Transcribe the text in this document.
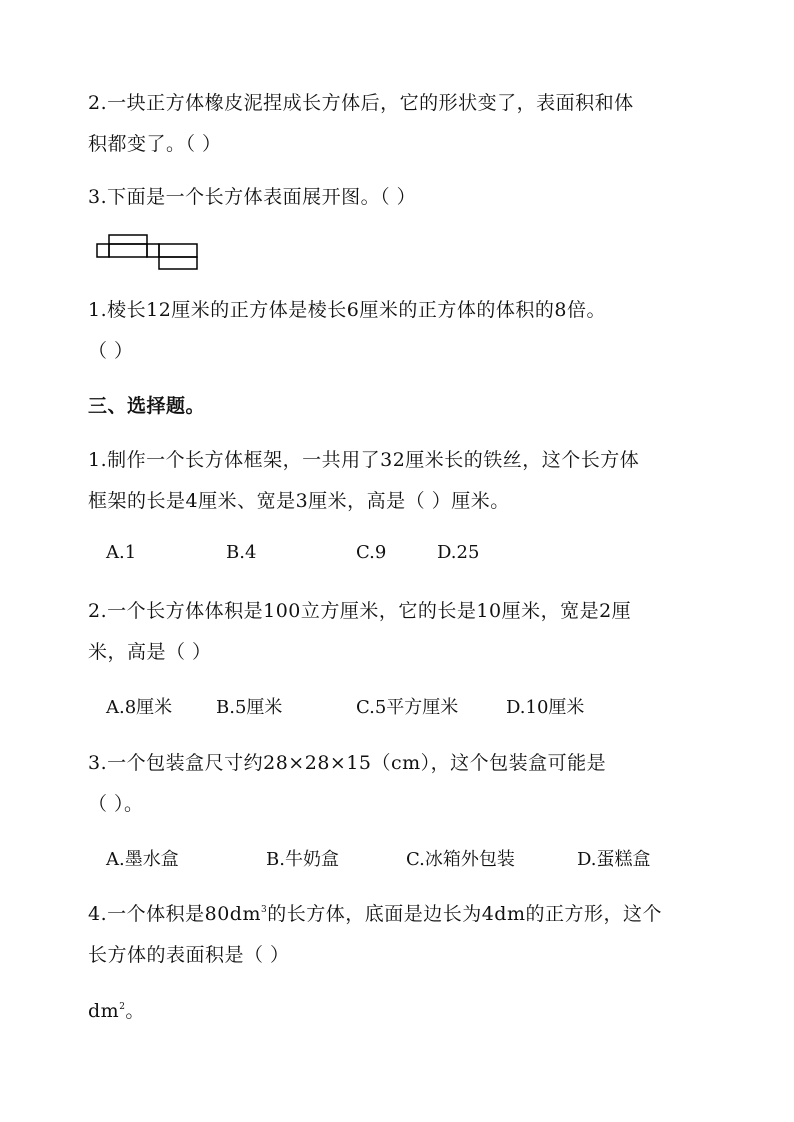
2.一块正方体橡皮泥捏成长方体后，它的形状变了，表面积和体
积都变了。（ ）
3.下面是一个长方体表面展开图。（ ）
1.棱长12厘米的正方体是棱长6厘米的正方体的体积的8倍。
（ ）
三、选择题。
1.制作一个长方体框架，一共用了32厘米长的铁丝，这个长方体
框架的长是4厘米、宽是3厘米，高是（ ）厘米。
A.1	B.4	C.9	D.25
2.一个长方体体积是100立方厘米，它的长是10厘米，宽是2厘
米，高是（ ）
A.8厘米 B.5厘米	C.5平方厘米	D.10厘米
3.一个包装盒尺寸约28×28×15（cm），这个包装盒可能是
（ ）。
A.墨水盒	B.牛奶盒	C.冰箱外包装	D.蛋糕盒
4.一个体积是$80dm^3$的长方体，底面是边长为4dm的正方形，这个
长方体的表面积是（ ）
$dm^2$。
